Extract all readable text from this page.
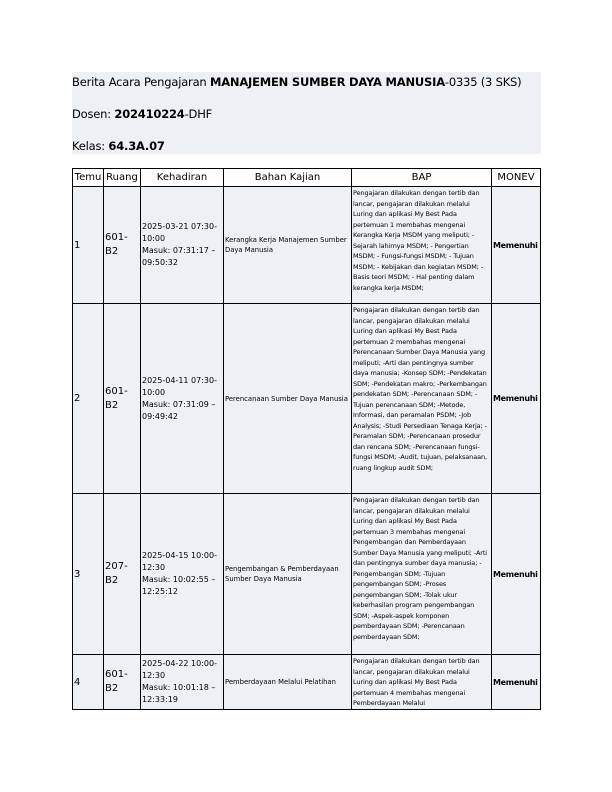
Berita Acara Pengajaran MANAJEMEN SUMBER DAYA MANUSIA-0335 (3 SKS)
Dosen: 202410224-DHF
Kelas: 64.3A.07
Temu	Ruang	Kehadiran	Bahan Kajian	BAP	MONEV
1	601-B2	2025-03-21 07:30-10:00
Masuk: 07:31:17 – 09:50:32	Kerangka Kerja Manajemen Sumber Daya Manusia	Pengajaran dilakukan dengan tertib dan lancar, pengajaran dilakukan melalui Luring dan aplikasi My Best Pada pertemuan 1 membahas mengenai Kerangka Kerja MSDM yang meliputi; - Sejarah lahirnya MSDM; - Pengertian MSDM; - Fungsi-fungsi MSDM; - Tujuan MSDM; - Kebijakan dan kegiatan MSDM; - Basis teori MSDM; - Hal penting dalam kerangka kerja MSDM;	Memenuhi
2	601-B2	2025-04-11 07:30-10:00
Masuk: 07:31:09 – 09:49:42	Perencanaan Sumber Daya Manusia	Pengajaran dilakukan dengan tertib dan lancar, pengajaran dilakukan melalui Luring dan aplikasi My Best Pada pertemuan 2 membahas mengenai Perencanaan Sumber Daya Manusia yang meliputi; -Arti dan pentingnya sumber daya manusia; -Konsep SDM; -Pendekatan SDM; -Pendekatan makro; -Perkembangan pendekatan SDM; -Perencanaan SDM; -Tujuan perencanaan SDM; -Metode, Informasi, dan peramalan PSDM; -Job Analysis; -Studi Persediaan Tenaga Kerja; -Peramalan SDM; -Perencanaan prosedur dan rencana SDM; -Perencanaan fungsi-fungsi MSDM; -Audit, tujuan, pelaksanaan, ruang lingkup audit SDM;	Memenuhi
3	207-B2	2025-04-15 10:00-12:30
Masuk: 10:02:55 – 12:25:12	Pengembangan & Pemberdayaan Sumber Daya Manusia	Pengajaran dilakukan dengan tertib dan lancar, pengajaran dilakukan melalui Luring dan aplikasi My Best Pada pertemuan 3 membahas mengenai Pengembangan dan Pemberdayaan Sumber Daya Manusia yang meliputi; -Arti dan pentingnya sumber daya manusia; -Pengembangan SDM; -Tujuan pengembangan SDM; -Proses pengembangan SDM; -Tolak ukur keberhasilan program pengembangan SDM; -Aspek-aspek komponen pemberdayaan SDM; -Perencanaan pemberdayaan SDM;	Memenuhi
4	601-B2	2025-04-22 10:00-12:30
Masuk: 10:01:18 – 12:33:19	Pemberdayaan Melalui Pelatihan	Pengajaran dilakukan dengan tertib dan lancar, pengajaran dilakukan melalui Luring dan aplikasi My Best Pada pertemuan 4 membahas mengenai Pemberdayaan Melalui	Memenuhi
